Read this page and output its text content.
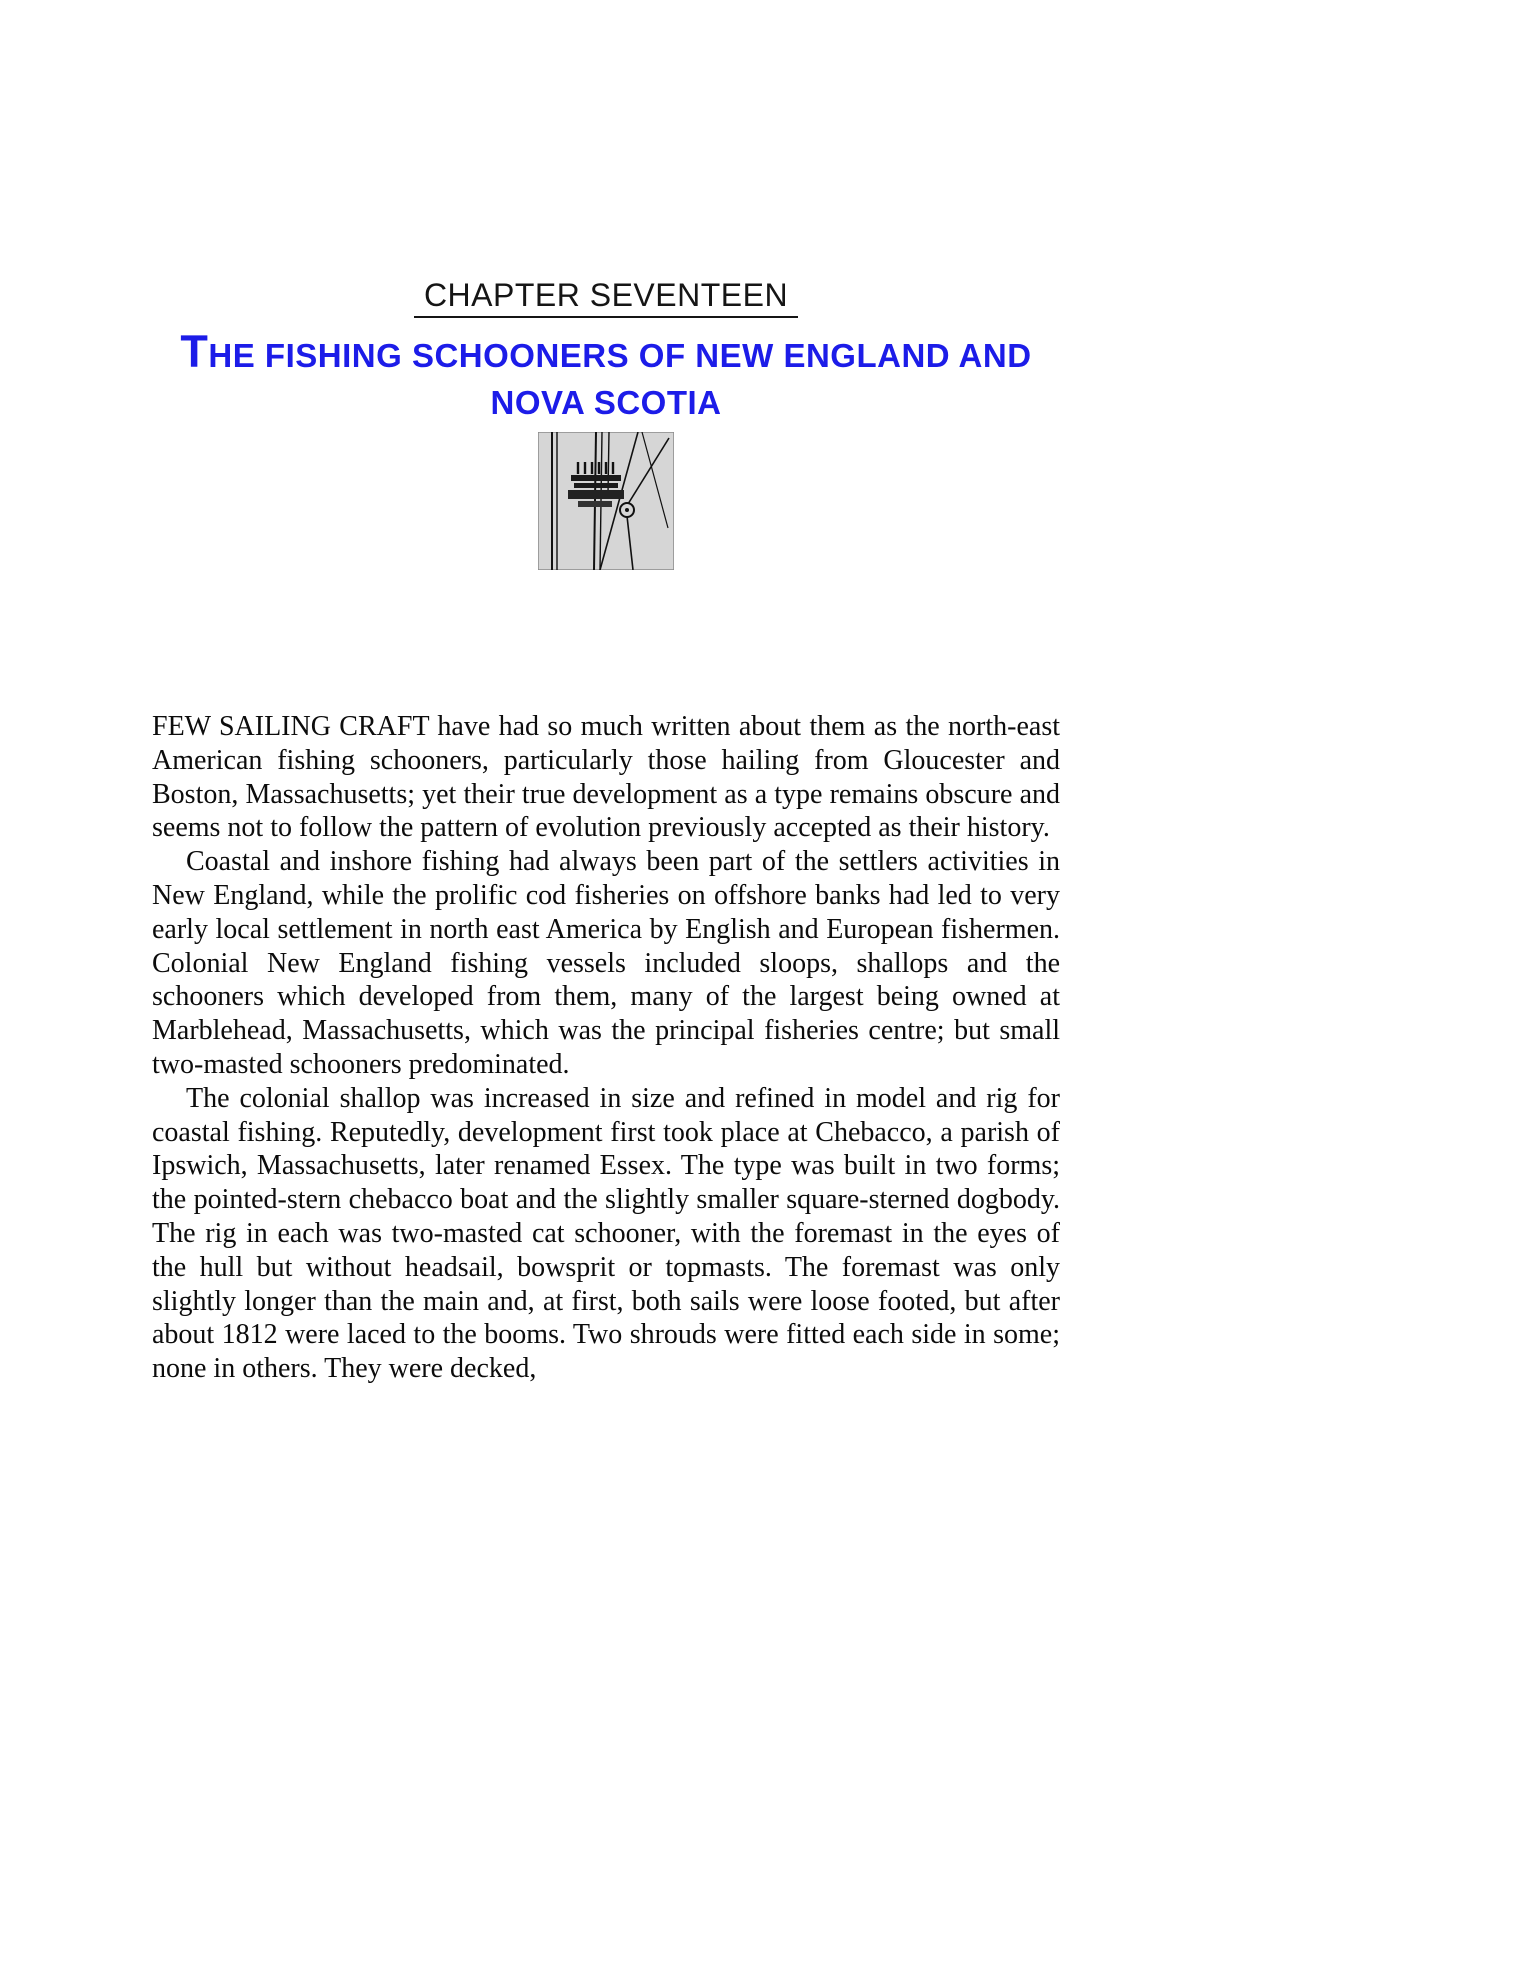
CHAPTER SEVENTEEN
THE FISHING SCHOONERS OF NEW ENGLAND AND
NOVA SCOTIA

FEW SAILING CRAFT have had so much written about them as the north-east American fishing schooners, particularly those hailing from Gloucester and Boston, Massachusetts; yet their true development as a type remains obscure and seems not to follow the pattern of evolution previously accepted as their history.

Coastal and inshore fishing had always been part of the settlers activities in New England, while the prolific cod fisheries on offshore banks had led to very early local settlement in north east America by English and European fishermen. Colonial New England fishing vessels included sloops, shallops and the schooners which developed from them, many of the largest being owned at Marblehead, Massachusetts, which was the principal fisheries centre; but small two-masted schooners predominated.

The colonial shallop was increased in size and refined in model and rig for coastal fishing. Reputedly, development first took place at Chebacco, a parish of Ipswich, Massachusetts, later renamed Essex. The type was built in two forms; the pointed-stern chebacco boat and the slightly smaller square-sterned dogbody. The rig in each was two-masted cat schooner, with the foremast in the eyes of the hull but without headsail, bowsprit or topmasts. The foremast was only slightly longer than the main and, at first, both sails were loose footed, but after about 1812 were laced to the booms. Two shrouds were fitted each side in some; none in others. They were decked,
